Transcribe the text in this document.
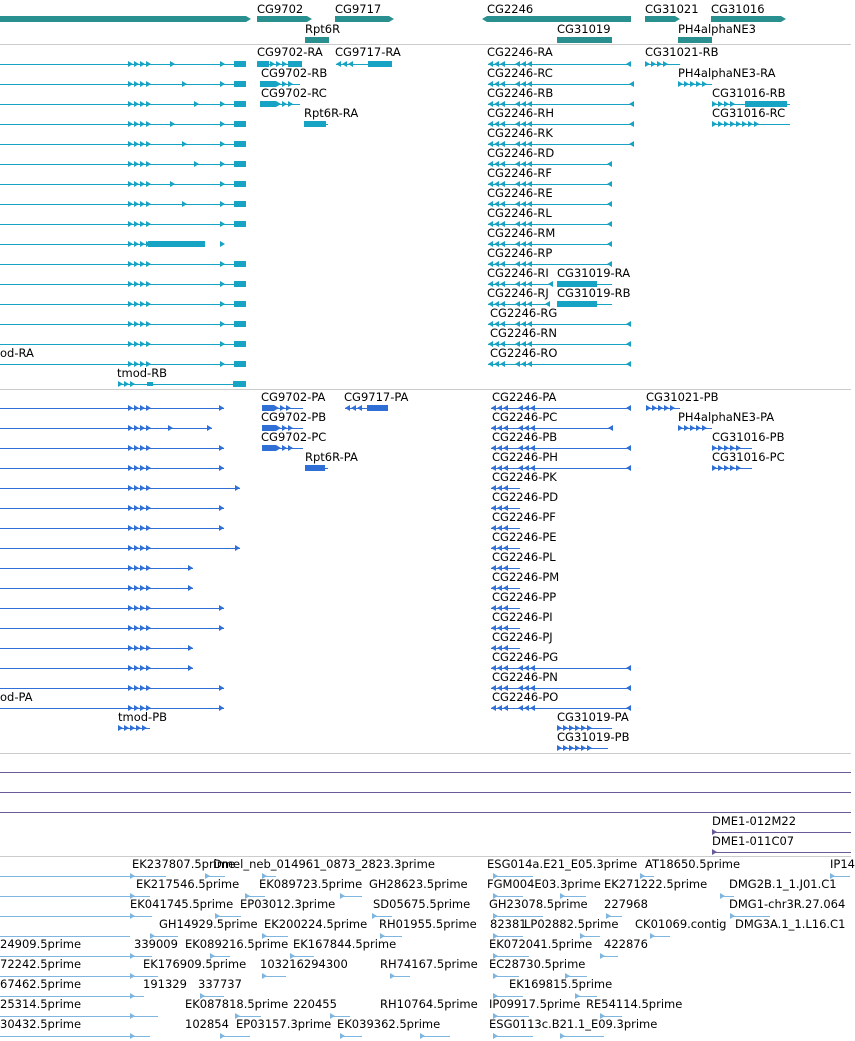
CG9702	CG9717
Rpt6R
CG2246
CG31019
CG31021 CG31016
PH4alphaNE3
CG9702-RA CG9717-RA
CG9702-RB
CG9702-RC
Rpt6R-RA
CG2246-RA
CG2246-RC
CG2246-RB
CG2246-RH
CG2246-RK
CG2246-RD
CG2246-RF
CG2246-RE
CG2246-RL
CG2246-RM
CG2246-RP
CG2246-RI CG31019-RA
CG2246-RJ CG31019-RB
CG2246-RG
CG2246-RN
CG2246-RO
CG31021-RB
PH4alphaNE3-RA
CG31016-RB
CG31016-RC
od-RA
tmod-RB
CG9702-PA CG9717-PA
CG9702-PB
CG9702-PC
Rpt6R-PA
CG2246-PA
CG2246-PC
CG2246-PB
CG2246-PH
CG2246-PK
CG2246-PD
CG2246-PF
CG2246-PE
CG2246-PL
CG2246-PM
CG2246-PP
CG2246-PI
CG2246-PJ
CG2246-PG
CG2246-PN
CG2246-PO
CG31019-PA
CG31019-PB
CG31021-PB
PH4alphaNE3-PA
CG31016-PB
CG31016-PC
od-PA
tmod-PB
DME1-012M22
DME1-011C07
EK237807.5prime
Dmel_neb_014961_0873_2823.3prime	ESG014a.E21_E05.3prime AT18650.5prime	IP14
EK217546.5prime EK089723.5prime GH28623.5prime FGM004E03.3prime EK271222.5prime DMG2B.1_1.J01.C1
EK041745.5prime EP03012.3prime	SD05675.5prime GH23078.5prime 227968	DMG1-chr3R.27.064
GH14929.5prime EK200224.5prime RH01955.5prime 82381
LP02882.5prime CK01069.contig DMG3A.1_1.L16.C1
24909.5prime	339009 EK089216.5prime EK167844.5prime	EK072041.5prime 422876
72242.5prime	EK176909.5prime 103216294300	RH74167.5prime EC28730.5prime
67462.5prime	191329 337737	EK169815.5prime
25314.5prime	EK087818.5prime 220455	RH10764.5prime IP09917.5prime RE54114.5prime
30432.5prime	102854 EP03157.3prime EK039362.5prime	ESG0113c.B21.1_E09.3prime
